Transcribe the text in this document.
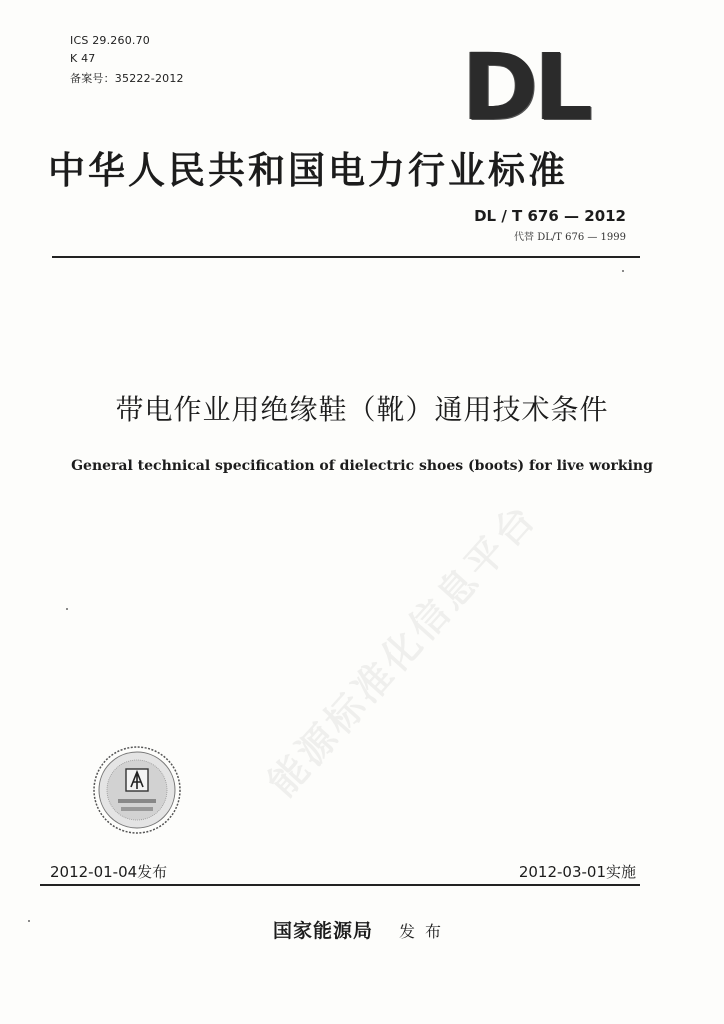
ICS 29.260.70
K 47
备案号：35222-2012	DL
中华人民共和国电力行业标准
DL / T 676 — 2012
代替 DL/T 676 — 1999
带电作业用绝缘鞋（靴）通用技术条件
General technical specification of dielectric shoes (boots) for live working
能源标准化信息平台
2012-01-04发布	2012-03-01实施
国家能源局 发布
